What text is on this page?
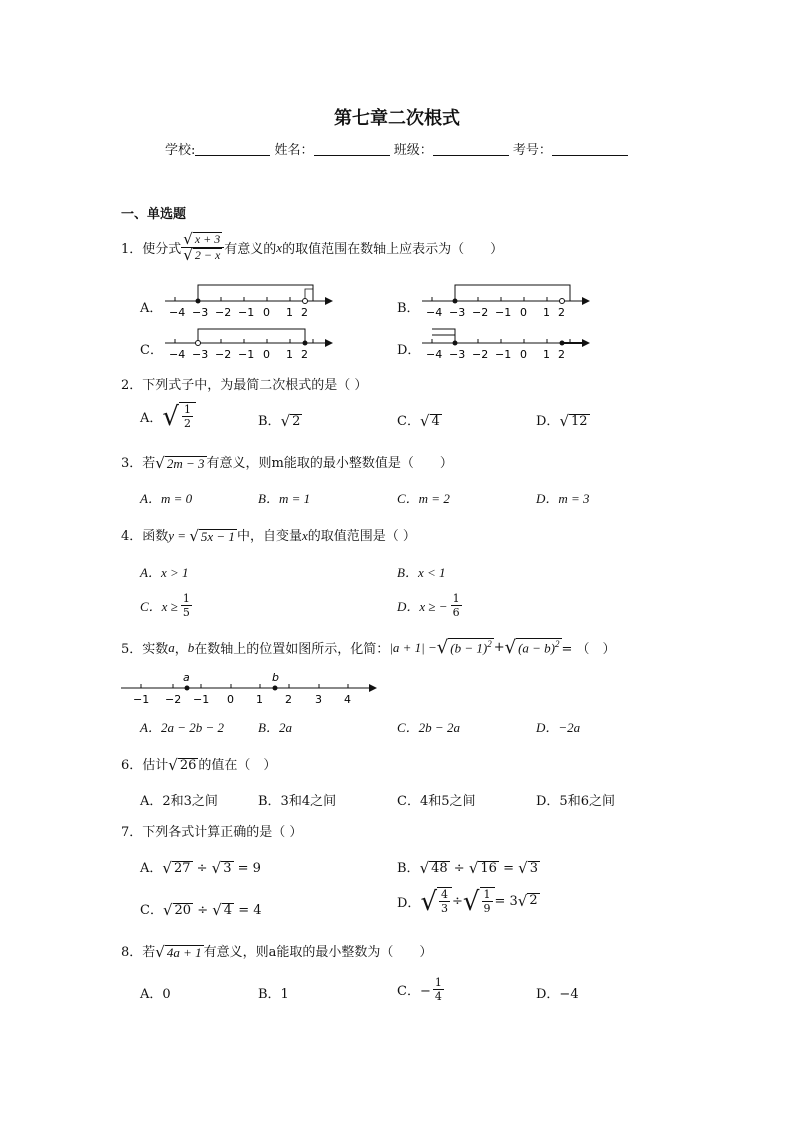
第七章二次根式
学校:	姓名：	班级：	考号：
一、单选题
1．使分式 $\frac{√ x + 3}{√ 2 - x}$ 有意义的 x 的取值范围在数轴上应表示为（　　）
A．	B．
C．	D．
−4 −3 −2 −1 0 1 2	−4 −3 −2 −1 0 1 2
−4 −3 −2 −1 0 1 2	−4 −3 −2 −1 0 1 2
2．下列式子中，为最简二次根式的是（ ）
A． √ $\frac{1}{2}$	B． √ 2	C． √ 4	D． √ 12
3．若 √ 2m − 3 有意义，则m能取的最小整数值是（　　）
A．m = 0	B．m = 1	C．m = 2	D．m = 3
4．函数y = √ 5x − 1 中，自变量x的取值范围是（ ）
A．x > 1	B．x < 1
C．$x \ge \frac{1}{5}$	D．x ≥ − $\frac{1}{6}$
5．实数 a ， b 在数轴上的位置如图所示，化简： |a + 1| − √ $(b - 1)^2$ + √ $(a - b)^2$ = （　）
a	b
−1 −2 −1 0 1 2 3 4
A．2a − 2b − 2	B．2a	C．2b − 2a	D．−2a
6．估计 √ 26 的值在（　）
A．2和3之间	B．3和4之间	C．4和5之间	D．5和6之间
7．下列各式计算正确的是（ ）
A． √ 27 ÷ √ 3 = 9	B． √ 48 ÷ √ 16 = √ 3
C． √ 20 ÷ √ 4 = 4	D． √ $\frac{4}{3}$ ÷ √ $\frac{1}{9} = 3$ √ 2
8．若 √ 4a + 1 有意义，则a能取的最小整数为（　　）
A．0	B．1	C．− $\frac{1}{4}$	D．−4
